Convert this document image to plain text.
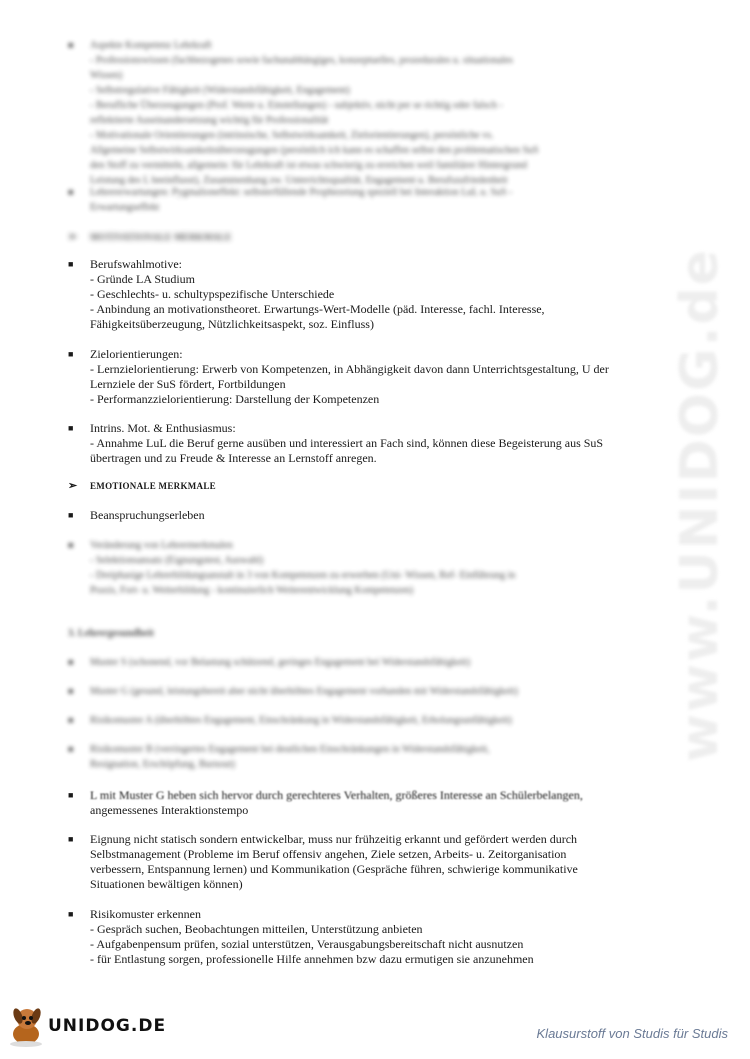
www.UNIDOG.de
■	Aspekte Kompetenz Lehrkraft
- Professionswissen (fachbezogenes sowie fachunabhängiges, konzeptuelles, prozedurales u. situationales
Wissen)
- Selbstregulative Fähigkeit (Widerstandsfähigkeit, Engagement)
- Berufliche Überzeugungen (Prof. Werte u. Einstellungen) - subjektiv, nicht per se richtig oder falsch -
reflektierte Auseinandersetzung wichtig für Professionalität
- Motivationale Orientierungen (intrinsische, Selbstwirksamkeit, Zielorientierungen), persönliche vs.
Allgemeine Selbstwirksamkeitsüberzeugungen (persönlich ich kann es schaffen selbst den problematischen SuS
den Stoff zu vermitteln, allgemein: für Lehrkraft ist etwas schwierig zu erreichen weil familiärer Hintergrund
Leistung des L beeinflusst), Zusammenhang zw. Unterrichtsqualität, Engagement u. Berufszufriedenheit
■	Lehrererwartungen: Pygmalioneffekt: selbsterfüllende Prophezeiung speziell bei Interaktion LuL u. SuS -
Erwartungseffekt
➢ MOTIVATIONALE MERKMALE
■	Berufswahlmotive:
- Gründe LA Studium
- Geschlechts- u. schultypspezifische Unterschiede
- Anbindung an motivationstheoret. Erwartungs-Wert-Modelle (päd. Interesse, fachl. Interesse,
Fähigkeitsüberzeugung, Nützlichkeitsaspekt, soz. Einfluss)
■	Zielorientierungen:
- Lernzielorientierung: Erwerb von Kompetenzen, in Abhängigkeit davon dann Unterrichtsgestaltung, U der
Lernziele der SuS fördert, Fortbildungen
- Performanzzielorientierung: Darstellung der Kompetenzen
■	Intrins. Mot. & Enthusiasmus:
- Annahme LuL die Beruf gerne ausüben und interessiert an Fach sind, können diese Begeisterung aus SuS
übertragen und zu Freude & Interesse an Lernstoff anregen.
➢ EMOTIONALE MERKMALE
■	Beanspruchungserleben
■	Veränderung von Lehrermerkmalen
- Selektionsansatz (Eignungstest, Auswahl)
- Dreiphasige Lehrerbildungsanstalt in 3 von Kompetenzen zu erwerben (Uni- Wissen, Ref- Einführung in
Praxis, Fort- u. Weiterbildung - kontinuierlich Weiterentwicklung Kompetenzen)
3. Lehrergesundheit
■	Muster S (schonend, vor Belastung schützend, geringes Engagement bei Widerstandsfähigkeit)
■	Muster G (gesund, leistungsbereit aber nicht überhöhtes Engagement vorhanden mit Widerstandsfähigkeit)
■	Risikomuster A (überhöhtes Engagement, Einschränkung in Widerstandsfähigkeit, Erholungsunfähigkeit)
■	Risikomuster B (verringertes Engagement bei deutlichen Einschränkungen in Widerstandsfähigkeit,
Resignation, Erschöpfung, Burnout)
■	L mit Muster G heben sich hervor durch gerechteres Verhalten, größeres Interesse an Schülerbelangen,
angemessenes Interaktionstempo
■	Eignung nicht statisch sondern entwickelbar, muss nur frühzeitig erkannt und gefördert werden durch
Selbstmanagement (Probleme im Beruf offensiv angehen, Ziele setzen, Arbeits- u. Zeitorganisation
verbessern, Entspannung lernen) und Kommunikation (Gespräche führen, schwierige kommunikative
Situationen bewältigen können)
■	Risikomuster erkennen
- Gespräch suchen, Beobachtungen mitteilen, Unterstützung anbieten
- Aufgabenpensum prüfen, sozial unterstützen, Verausgabungsbereitschaft nicht ausnutzen
- für Entlastung sorgen, professionelle Hilfe annehmen bzw dazu ermutigen sie anzunehmen
UNIDOG.DE	Klausurstoff von Studis für Studis
